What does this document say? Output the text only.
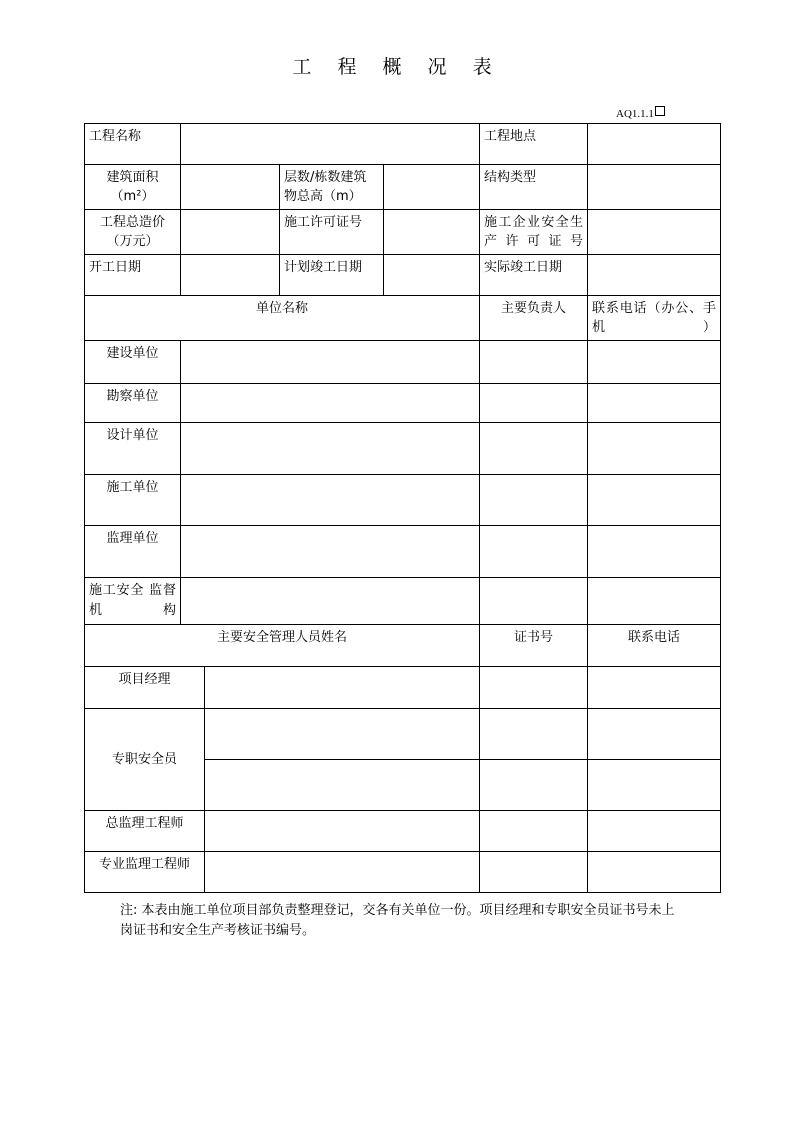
工 程 概 况 表
AQ1.1.1
工程名称					工程地点	
建筑面积（m²）			层数/栋数建筑物总高（m）		结构类型	
工程总造价（万元）			施工许可证号		施工企业安全生产许可证号	
开工日期			计划竣工日期		实际竣工日期	
单位名称					主要负责人	联系电话（办公、手机）
建设单位						
勘察单位						
设计单位						
施工单位						
监理单位						
施工安全 监督机构						
主要安全管理人员姓名					证书号	联系电话
项目经理						
专职安全员						

总监理工程师						
专业监理工程师						
注: 本表由施工单位项目部负责整理登记，交各有关单位一份。项目经理和专职安全员证书号未上岗证书和安全生产考核证书编号。
